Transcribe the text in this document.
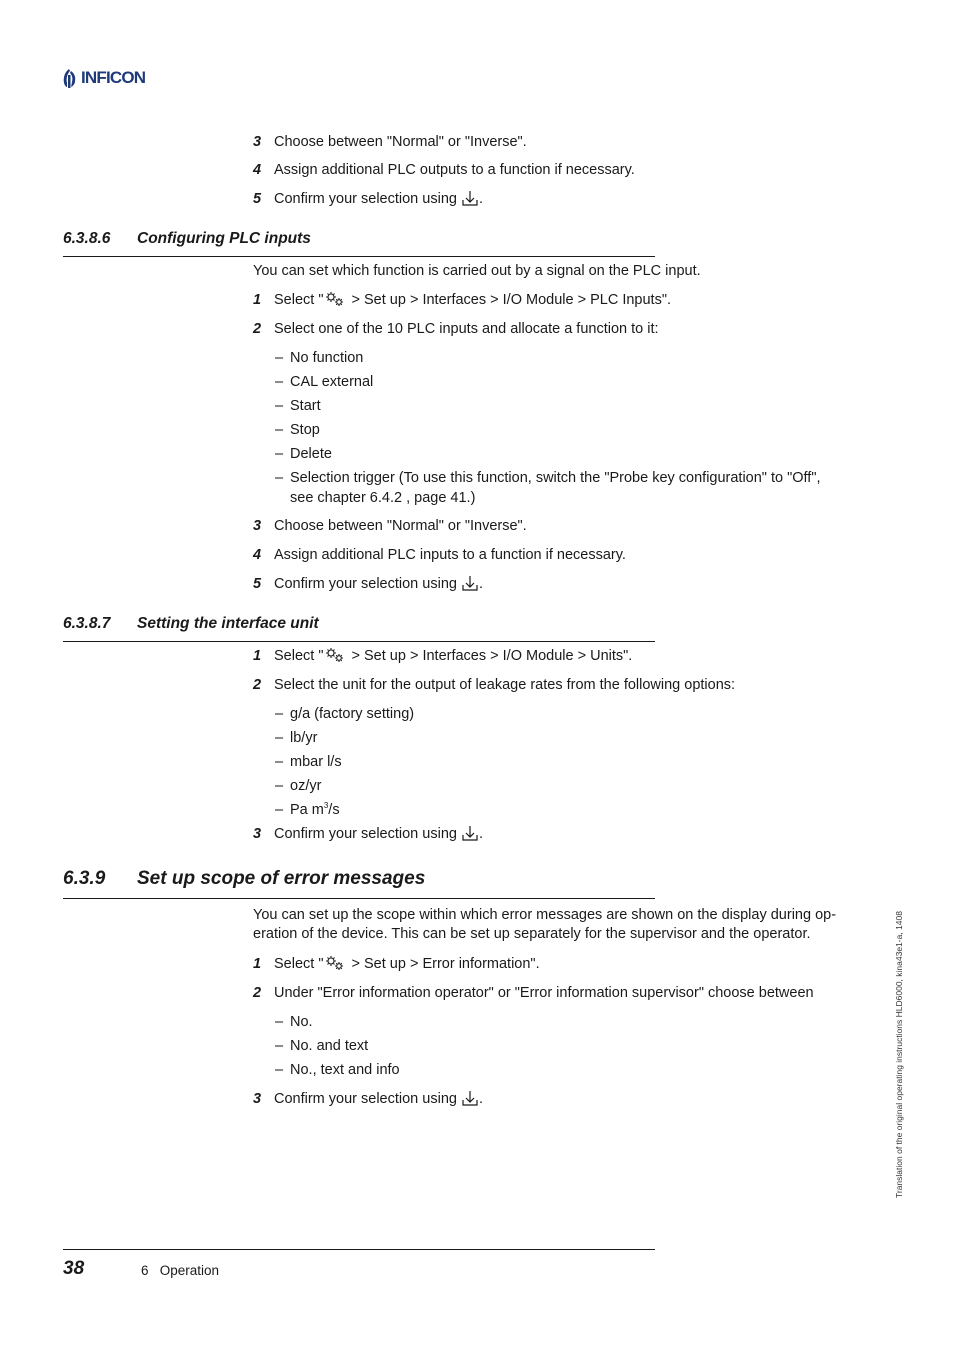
INFICON
3 Choose between "Normal" or "Inverse".
4 Assign additional PLC outputs to a function if necessary.
5 Confirm your selection using .
6.3.8.6 Configuring PLC inputs
You can set which function is carried out by a signal on the PLC input.
1 Select " > Set up > Interfaces > I/O Module > PLC Inputs".
2 Select one of the 10 PLC inputs and allocate a function to it:
– No function
– CAL external
– Start
– Stop
– Delete
– Selection trigger (To use this function, switch the "Probe key configuration" to "Off",
see chapter 6.4.2 , page 41.)
3 Choose between "Normal" or "Inverse".
4 Assign additional PLC inputs to a function if necessary.
5 Confirm your selection using .
6.3.8.7 Setting the interface unit
1 Select " > Set up > Interfaces > I/O Module > Units".
2 Select the unit for the output of leakage rates from the following options:
– g/a (factory setting)
– lb/yr
– mbar l/s
– oz/yr
– Pa $m^3/s$
3 Confirm your selection using .
6.3.9 Set up scope of error messages
You can set up the scope within which error messages are shown on the display during op-
eration of the device. This can be set up separately for the supervisor and the operator.
1 Select " > Set up > Error information".
2 Under "Error information operator" or "Error information supervisor" choose between
– No.
– No. and text
– No., text and info
3 Confirm your selection using .	Translation of the original operating instructions HLD6000, kina43e1-a, 1408
38	6   Operation
